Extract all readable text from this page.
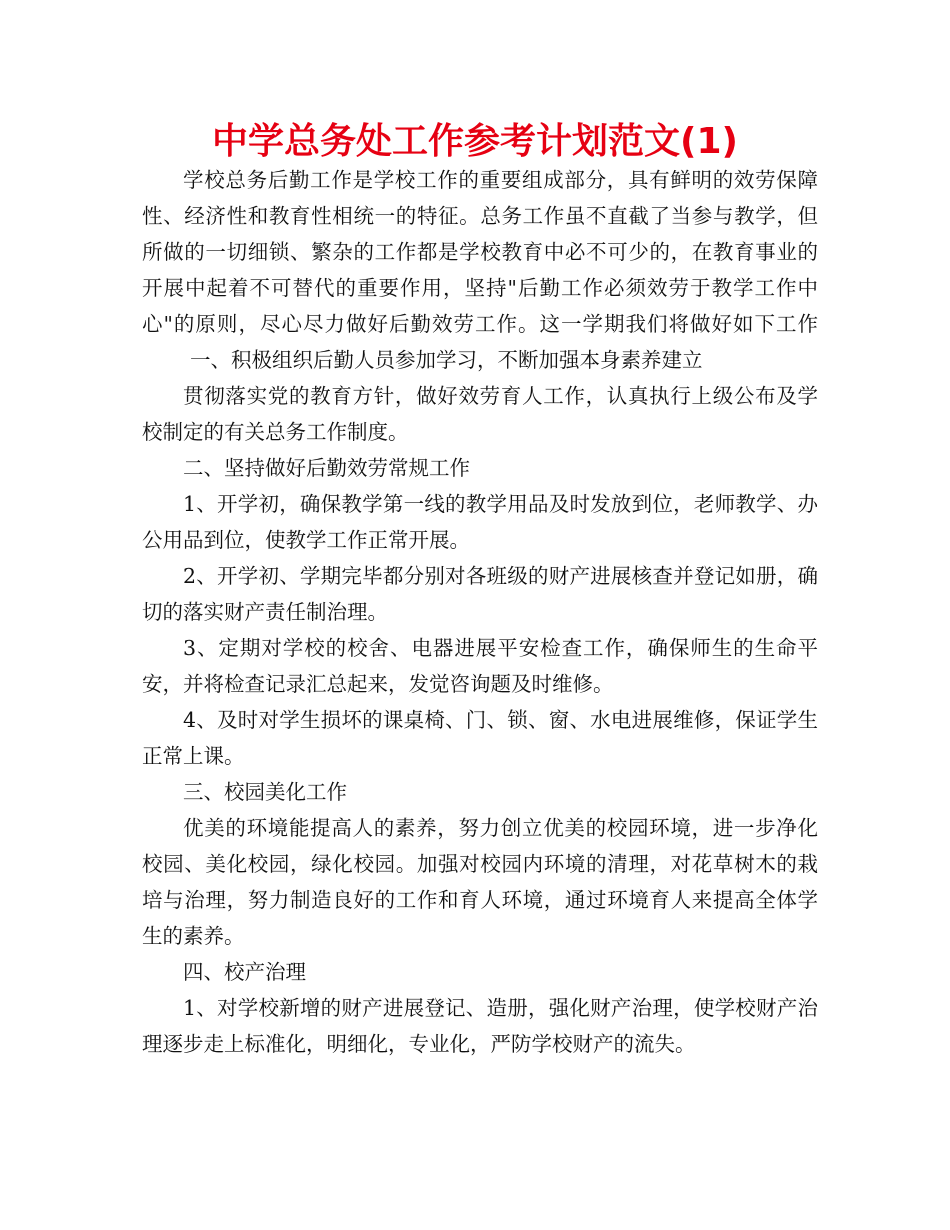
中学总务处工作参考计划范文(1)

学校总务后勤工作是学校工作的重要组成部分，具有鲜明的效劳保障性、经济性和教育性相统一的特征。总务工作虽不直截了当参与教学，但所做的一切细锁、繁杂的工作都是学校教育中必不可少的，在教育事业的开展中起着不可替代的重要作用，坚持"后勤工作必须效劳于教学工作中心"的原则，尽心尽力做好后勤效劳工作。这一学期我们将做好如下工作一、积极组织后勤人员参加学习，不断加强本身素养建立

贯彻落实党的教育方针，做好效劳育人工作，认真执行上级公布及学校制定的有关总务工作制度。

二、坚持做好后勤效劳常规工作

1、开学初，确保教学第一线的教学用品及时发放到位，老师教学、办公用品到位，使教学工作正常开展。

2、开学初、学期完毕都分别对各班级的财产进展核查并登记如册，确切的落实财产责任制治理。

3、定期对学校的校舍、电器进展平安检查工作，确保师生的生命平安，并将检查记录汇总起来，发觉咨询题及时维修。

4、及时对学生损坏的课桌椅、门、锁、窗、水电进展维修，保证学生正常上课。

三、校园美化工作

优美的环境能提高人的素养，努力创立优美的校园环境，进一步净化校园、美化校园，绿化校园。加强对校园内环境的清理，对花草树木的栽培与治理，努力制造良好的工作和育人环境，通过环境育人来提高全体学生的素养。

四、校产治理

1、对学校新增的财产进展登记、造册，强化财产治理，使学校财产治理逐步走上标准化，明细化，专业化，严防学校财产的流失。
